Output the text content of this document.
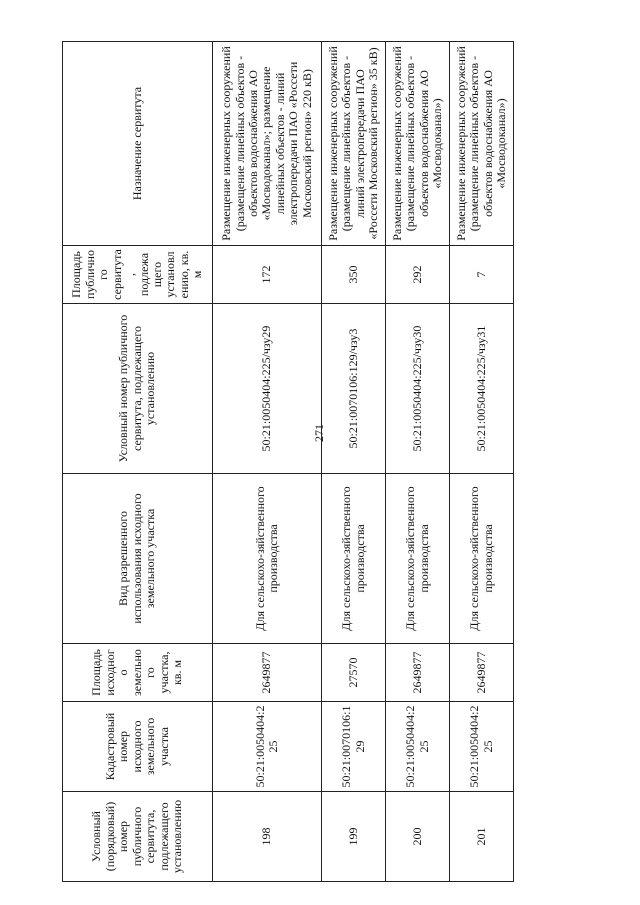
271
Условный (порядковый) номер публичного сервитута, подлежащего установлению	Кадастровый номер исходного земельного участка	Площадь исходного земельного участка, кв. м	Вид разрешенного использования исходного земельного участка	Условный номер публичного сервитута, подлежащего установлению	Площадь публичного сервитута, подлежащего установлению, кв. м	Назначение сервитута
198	50:21:0050404:225	2649877	Для сельскохо-зяйственного производства	50:21:0050404:225/чзу29	172	Размещение инженерных сооружений (размещение линейных объектов - объектов водоснабжения АО «Мосводоканал»; размещение линейных объектов - линий электропередачи ПАО «Россети Московский регион» 220 кВ)
199	50:21:0070106:129	27570	Для сельскохо-зяйственного производства	50:21:0070106:129/чзу3	350	Размещение инженерных сооружений (размещение линейных объектов - линий электропередачи ПАО «Россети Московский регион» 35 кВ)
200	50:21:0050404:225	2649877	Для сельскохо-зяйственного производства	50:21:0050404:225/чзу30	292	Размещение инженерных сооружений (размещение линейных объектов - объектов водоснабжения АО «Мосводоканал»)
201	50:21:0050404:225	2649877	Для сельскохо-зяйственного производства	50:21:0050404:225/чзу31	7	Размещение инженерных сооружений (размещение линейных объектов - объектов водоснабжения АО «Мосводоканал»)
